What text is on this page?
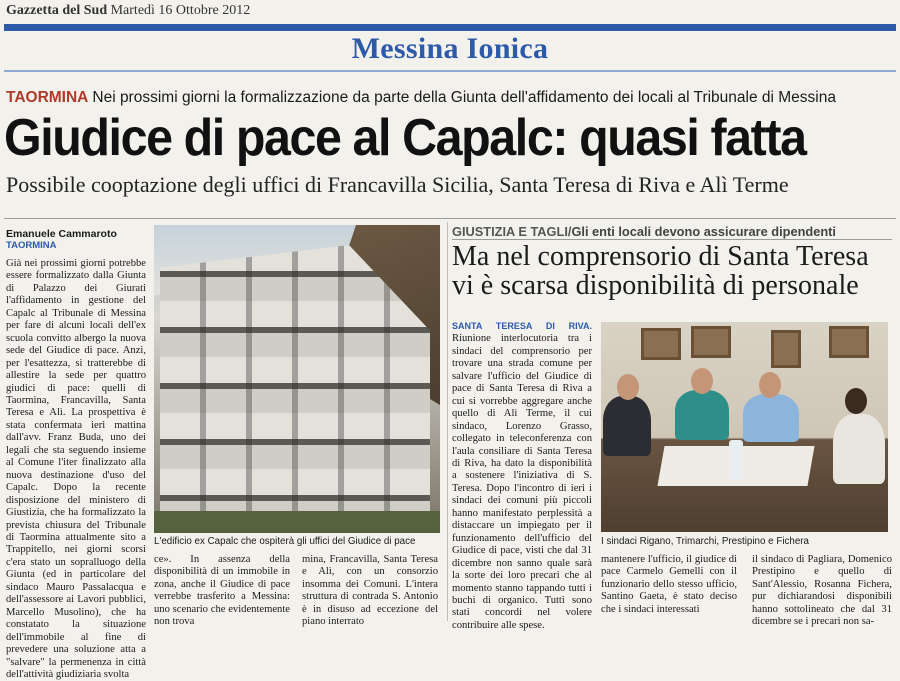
Gazzetta del Sud Martedì 16 Ottobre 2012
Messina Ionica
TAORMINA Nei prossimi giorni la formalizzazione da parte della Giunta dell'affidamento dei locali al Tribunale di Messina
Giudice di pace al Capalc: quasi fatta
Possibile cooptazione degli uffici di Francavilla Sicilia, Santa Teresa di Riva e Alì Terme
Emanuele Cammaroto
TAORMINA
Già nei prossimi giorni potrebbe essere formalizzato dalla Giunta di Palazzo dei Giurati l'affidamento in gestione del Capalc al Tribunale di Messina per fare di alcuni locali dell'ex scuola convitto albergo la nuova sede del Giudice di pace. Anzi, per l'esattezza, si tratterebbe di allestire la sede per quattro giudici di pace: quelli di Taormina, Francavilla, Santa Teresa e Alì. La prospettiva è stata confermata ieri mattina dall'avv. Franz Buda, uno dei legali che sta seguendo insieme al Comune l'iter finalizzato alla nuova destinazione d'uso del Capalc. Dopo la recente disposizione del ministero di Giustizia, che ha formalizzato la prevista chiusura del Tribunale di Taormina attualmente sito a Trappitello, nei giorni scorsi c'era stato un sopralluogo della Giunta (ed in particolare del sindaco Mauro Passalacqua e dell'assessore ai Lavori pubblici, Marcello Musolino), che ha constatato la situazione dell'immobile al fine di prevedere una soluzione atta a "salvare" la permenenza in città dell'attività giudiziaria svolta
L'edificio ex Capalc che ospiterà gli uffici del Giudice di pace
ce». In assenza della disponibilità di un immobile in zona, anche il Giudice di pace verrebbe trasferito a Messina: uno scenario che evidentemente non trova
mina, Francavilla, Santa Teresa e Alì, con un consorzio insomma dei Comuni. L'intera struttura di contrada S. Antonio è in disuso ad eccezione del piano interrato
GIUSTIZIA E TAGLI/Gli enti locali devono assicurare dipendenti
Ma nel comprensorio di Santa Teresa vi è scarsa disponibilità di personale
SANTA TERESA DI RIVA. Riunione interlocutoria tra i sindaci del comprensorio per trovare una strada comune per salvare l'ufficio del Giudice di pace di Santa Teresa di Riva a cui si vorrebbe aggregare anche quello di Alì Terme, il cui sindaco, Lorenzo Grasso, collegato in teleconferenza con l'aula consiliare di Santa Teresa di Riva, ha dato la disponibilità a sostenere l'iniziativa di S. Teresa. Dopo l'incontro di ieri i sindaci dei comuni più piccoli hanno manifestato perplessità a distaccare un impiegato per il funzionamento dell'ufficio del Giudice di pace, visti che dal 31 dicembre non sanno quale sarà la sorte dei loro precari che al momento stanno tappando tutti i buchi di organico. Tutti sono stati concordi nel volere contribuire alle spese.
I sindaci Rigano, Trimarchi, Prestipino e Fichera
mantenere l'ufficio, il giudice di pace Carmelo Gemelli con il funzionario dello stesso ufficio, Santino Gaeta, è stato deciso che i sindaci interessati
il sindaco di Pagliara, Domenico Prestipino e quello di Sant'Alessio, Rosanna Fichera, pur dichiarandosi disponibili hanno sottolineato che dal 31 dicembre se i precari non sa-
